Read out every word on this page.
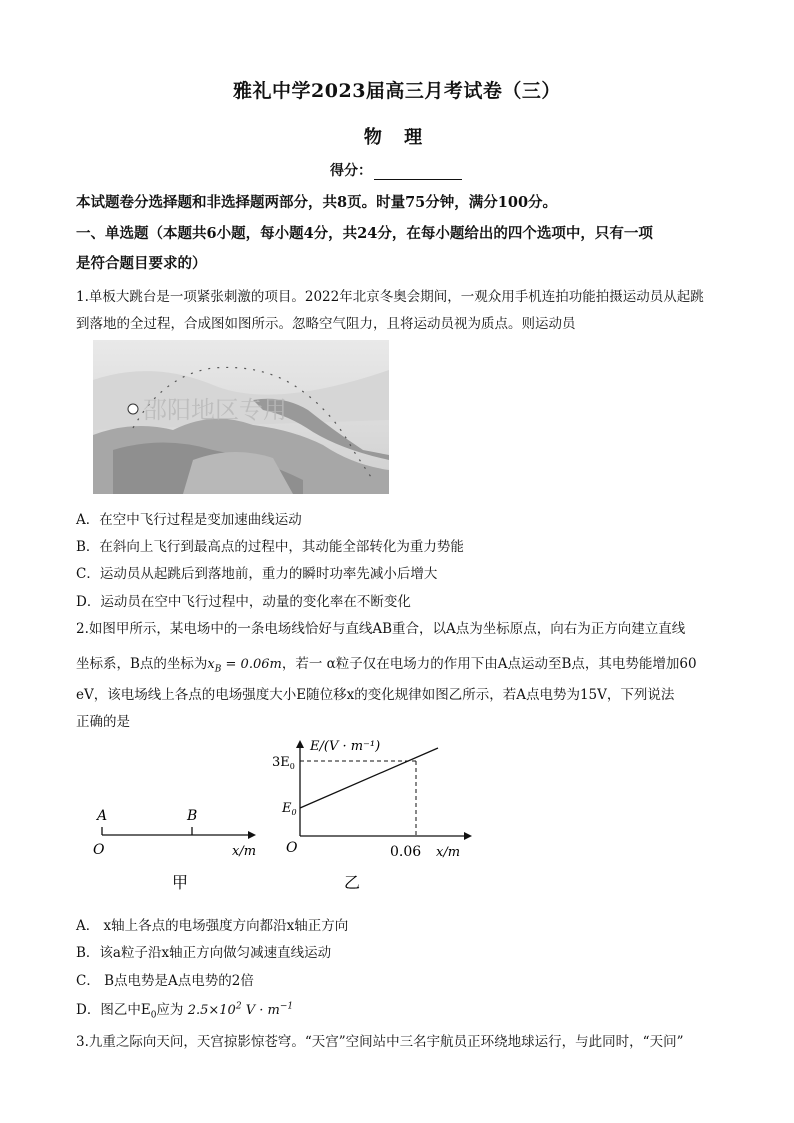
雅礼中学2023届高三月考试卷（三）
物 理
得分：
本试题卷分选择题和非选择题两部分，共8页。时量75分钟，满分100分。
一、单选题（本题共6小题，每小题4分，共24分，在每小题给出的四个选项中，只有一项
是符合题目要求的）
1.单板大跳台是一项紧张刺激的项目。2022年北京冬奥会期间，一观众用手机连拍功能拍摄运动员从起跳
到落地的全过程，合成图如图所示。忽略空气阻力，且将运动员视为质点。则运动员
邵阳地区专用
A．在空中飞行过程是变加速曲线运动
B．在斜向上飞行到最高点的过程中，其动能全部转化为重力势能
C．运动员从起跳后到落地前，重力的瞬时功率先减小后增大
D．运动员在空中飞行过程中，动量的变化率在不断变化
2.如图甲所示，某电场中的一条电场线恰好与直线AB重合，以A点为坐标原点，向右为正方向建立直线
坐标系，B点的坐标为$x_B = 0.06m$，若一 α粒子仅在电场力的作用下由A点运动至B点，其电势能增加60
eV，该电场线上各点的电场强度大小E随位移x的变化规律如图乙所示，若A点电势为15V，下列说法
正确的是
A	B
O	x/m
甲
E/(V · m⁻¹)
$3E_0$
$E_0$
O	0.06 x/m
乙
A． x轴上各点的电场强度方向都沿x轴正方向
B．该a粒子沿x轴正方向做匀减速直线运动
C． B点电势是A点电势的2倍
D．图乙中$E_0$应为 $2.5\times 10^2$ $V \cdot m^{-1}$
3.九重之际向天问，天宫掠影惊苍穹。“天宫”空间站中三名宇航员正环绕地球运行，与此同时，“天问”
